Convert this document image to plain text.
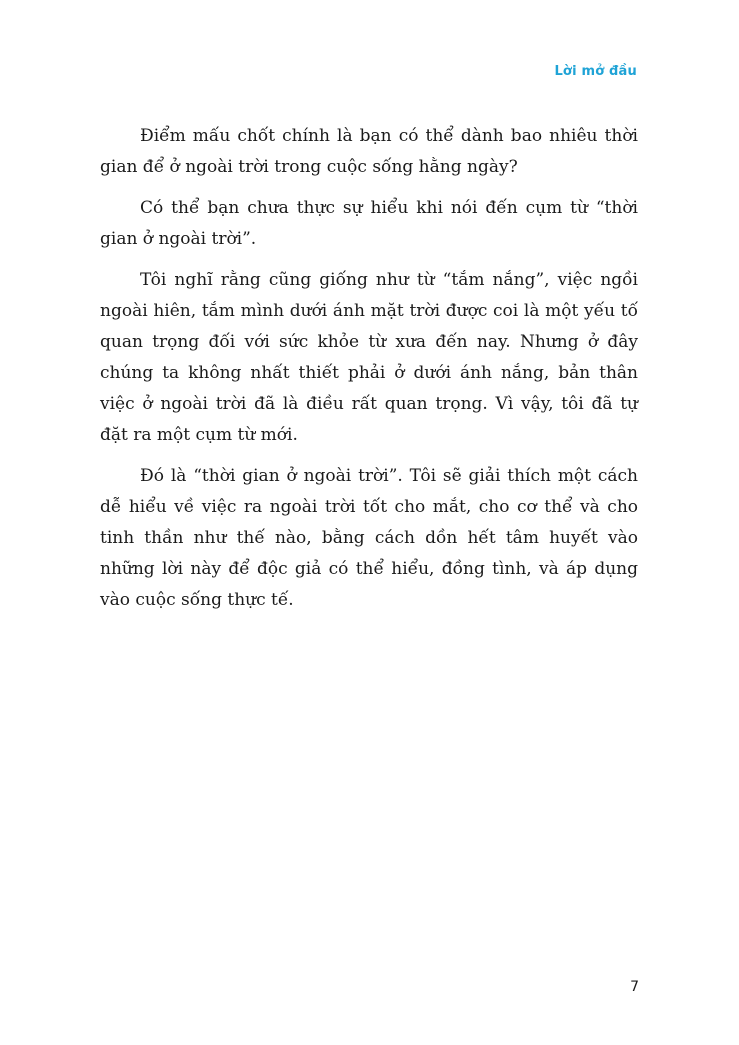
Lời mở đầu

Điểm mấu chốt chính là bạn có thể dành bao nhiêu thời gian để ở ngoài trời trong cuộc sống hằng ngày?

Có thể bạn chưa thực sự hiểu khi nói đến cụm từ “thời gian ở ngoài trời”.

Tôi nghĩ rằng cũng giống như từ “tắm nắng”, việc ngồi ngoài hiên, tắm mình dưới ánh mặt trời được coi là một yếu tố quan trọng đối với sức khỏe từ xưa đến nay. Nhưng ở đây chúng ta không nhất thiết phải ở dưới ánh nắng, bản thân việc ở ngoài trời đã là điều rất quan trọng. Vì vậy, tôi đã tự đặt ra một cụm từ mới.

Đó là “thời gian ở ngoài trời”. Tôi sẽ giải thích một cách dễ hiểu về việc ra ngoài trời tốt cho mắt, cho cơ thể và cho tinh thần như thế nào, bằng cách dồn hết tâm huyết vào những lời này để độc giả có thể hiểu, đồng tình, và áp dụng vào cuộc sống thực tế.

7
